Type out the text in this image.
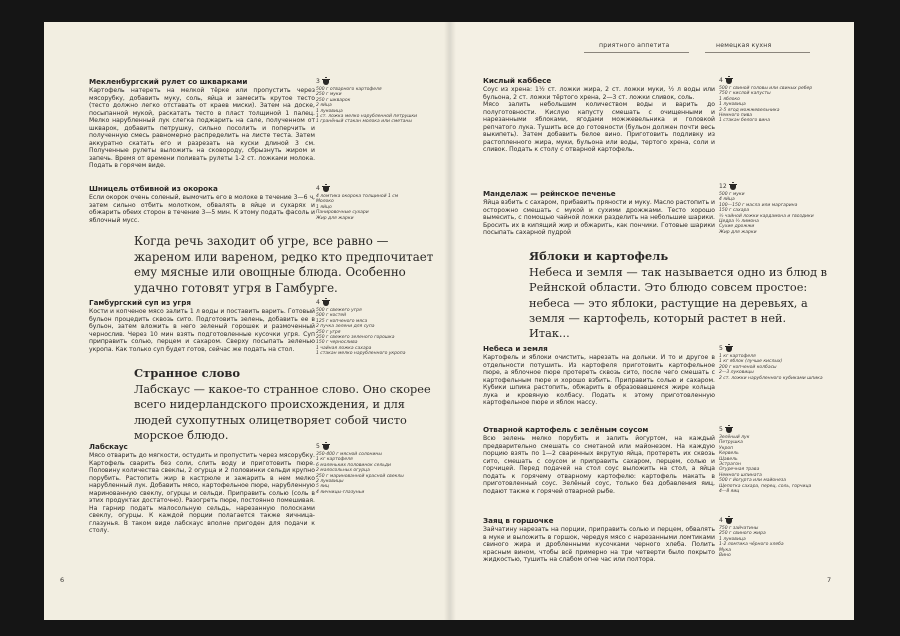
Мекленбургский рулет со шкварками

Картофель натереть на мелкой тёрке или пропустить через мясорубку, добавить муку, соль, яйца и замесить крутое тесто (тесто должно легко отставать от краев миски). Затем на доске, посыпанной мукой, раскатать тесто в пласт толщиной 1 палец. Мелко нарубленный лук слегка поджарить на сале, полученном от шкварок, добавить петрушку, сильно посолить и поперчить и полученную смесь равномерно распределить на листе теста. Затем аккуратно скатать его и разрезать на куски длиной 3 см. Полученные рулеты выложить на сковороду, сбрызнуть жиром и запечь. Время от времени поливать рулеты 1-2 ст. ложками молока. Подать в горячем виде.

3
500 г отварного картофеля
250 г муки
250 г шкварок
2 яйца
1 луковица
1 ст. ложка мелко нарубленной петрушки
1 гранёный стакан молока или сметаны

Шницель отбивной из окорока

Если окорок очень соленый, вымочить его в молоке в течение 3—6 ч, затем сильно отбить молотком, обвалять в яйце и сухарях и обжарить обеих сторон в течение 3—5 мин. К этому подать фасоль и яблочный мусс.

4
4 ломтика окорока толщиной 1 см
Молоко
1 яйцо
Панировочные сухари
Жир для жарки

Когда речь заходит об угре, все равно — жареном или вареном, редко кто предпочитает ему мясные или овощные блюда. Особенно удачно готовят угря в Гамбурге.

Гамбургский суп из угря

Кости и копченое мясо залить 1 л воды и поставить варить. Готовый бульон процедить сквозь сито. Подготовить зелень, добавить ее в бульон, затем вложить в него зеленый горошек и размоченный чернослив. Через 10 мин взять подготовленные кусочки угря. Суп приправить солью, перцем и сахаром. Сверху посыпать зеленью укропа. Как только суп будет готов, сейчас же подать на стол.

4
500 г свежего угря
500 г костей
125 г копченого мяса
2 пучка зелени для супа
250 г угря
250 г свежего зеленого горошка
150 г чернослива
1 чайная ложка сахара
1 стакан мелко нарубленного укропа

Странное слово

Лабскаус — какое-то странное слово. Оно скорее всего нидерландского происхождения, и для людей сухопутных олицетворяет собой чисто морское блюдо.

Лабскаус

Мясо отварить до мягкости, остудить и пропустить через мясорубку. Картофель сварить без соли, слить воду и приготовить пюре. Половину количества свеклы, 2 огурца и 2 половинки сельди крупно порубить. Растопить жир в кастрюле и зажарить в нем мелко нарубленный лук. Добавить мясо, картофельное пюре, нарубленную маринованную свеклу, огурцы и сельди. Приправить солью (соль в этих продуктах достаточно). Разогреть пюре, постоянно помешивая. На гарнир подать малосольную сельдь, нарезанную полосками свеклу, огурцы. К каждой порции полагается также яичница-глазунья. В таком виде лабскаус вполне пригоден для подачи к столу.

5
350-400 г мясной солонины
1 кг картофеля
6 маленьких половинок сельди
2 малосольных огурца
250 г маринованной красной свеклы
2 луковицы
5 яиц
4 яичницы-глазуньи
6
приятного аппетита	немецкая кухня

Кислый каббесе

Соус из хрена: 1½ ст. ложки жира, 2 ст. ложки муки, ½ л воды или бульона, 2 ст. ложки тёртого хрена, 2—3 ст. ложки сливок, соль.

Мясо залить небольшим количеством воды и варить до полуготовности. Кислую капусту смешать с очищенными и нарезанными яблоками, ягодами можжевельника и головкой репчатого лука. Тушить все до готовности (бульон должен почти весь выкипеть). Затем добавить белое вино. Приготовить подливку из растопленного жира, муки, бульона или воды, тертого хрена, соли и сливок. Подать к столу с отварной картофель.

4
500 г свиной головы или свиных ребер
750 г кислой капусты
1 яблоко
1 луковица
3-5 ягод можжевельника
Немного пива
1 стакан белого вина

Манделаж — рейнское печенье

Яйца взбить с сахаром, прибавить пряности и муку. Масло растопить и осторожно смешать с мукой и сухими дрожжами. Тесто хорошо вымесить, с помощью чайной ложки разделить на небольшие шарики. Бросить их в кипящий жир и обжарить, как пончики. Готовые шарики посыпать сахарной пудрой

12
500 г муки
4 яйца
100—150 г масла или маргарина
150 г сахара
½ чайной ложки кардамона и гвоздики
Цедра ½ лимона
Сухие дрожжи
Жир для жарки

Яблоки и картофель

Небеса и земля — так называется одно из блюд в Рейнской области. Это блюдо совсем простое: небеса — это яблоки, растущие на деревьях, а земля — картофель, который растет в ней. Итак...

Небеса и земля

Картофель и яблоки очистить, нарезать на дольки. И то и другое в отдельности потушить. Из картофеля приготовить картофельное пюре, а яблочное пюре протереть сквозь сито, после чего смешать с картофельным пюре и хорошо взбить. Приправить солью и сахаром. Кубики шпика растопить, обжарить в образовавшемся жире кольца лука и кровяную колбасу. Подать к этому приготовленную картофельное пюре и яблок массу.

5
1 кг картофеля
1 кг яблок (лучше кислых)
200 г копченой колбасы
2—3 луковицы
2 ст. ложки нарубленного кубиками шпика

Отварной картофель с зелёным соусом

Всю зелень мелко порубить и залить йогуртом, на каждый предварительно смешать со сметаной или майонезом. На каждую порцию взять по 1—2 сваренных вкрутую яйца, протереть их сквозь сито, смешать с соусом и приправить сахаром, перцем, солью и горчицей. Перед подачей на стол соус выложить на стол, а яйца подать к горячему отварному картофелю: картофель макать в приготовленный соус. Зелёный соус, только без добавления яиц, подают также к горячей отварной рыбе.

5
Зелёный лук
Петрушка
Укроп
Кервель
Щавель
Эстрагон
Огуречная трава
Немного шпината
500 г йогурта или майонеза
Щепотка сахара, перец, соль, горчица
4—8 яиц

Заяц в горшочке

Зайчатину нарезать на порции, приправить солью и перцем, обвалять в муке и выложить в горшок, чередуя мясо с нарезанными ломтиками свиного жира и дробленными кусочками черного хлеба. Полить красным вином, чтобы всё примерно на три четверти было покрыто жидкостью, тушить на слабом огне час или полтора.

4
750 г зайчатины
250 г свиного жира
1 луковица
1-2 ломтика чёрного хлеба
Мука
Вино
7
